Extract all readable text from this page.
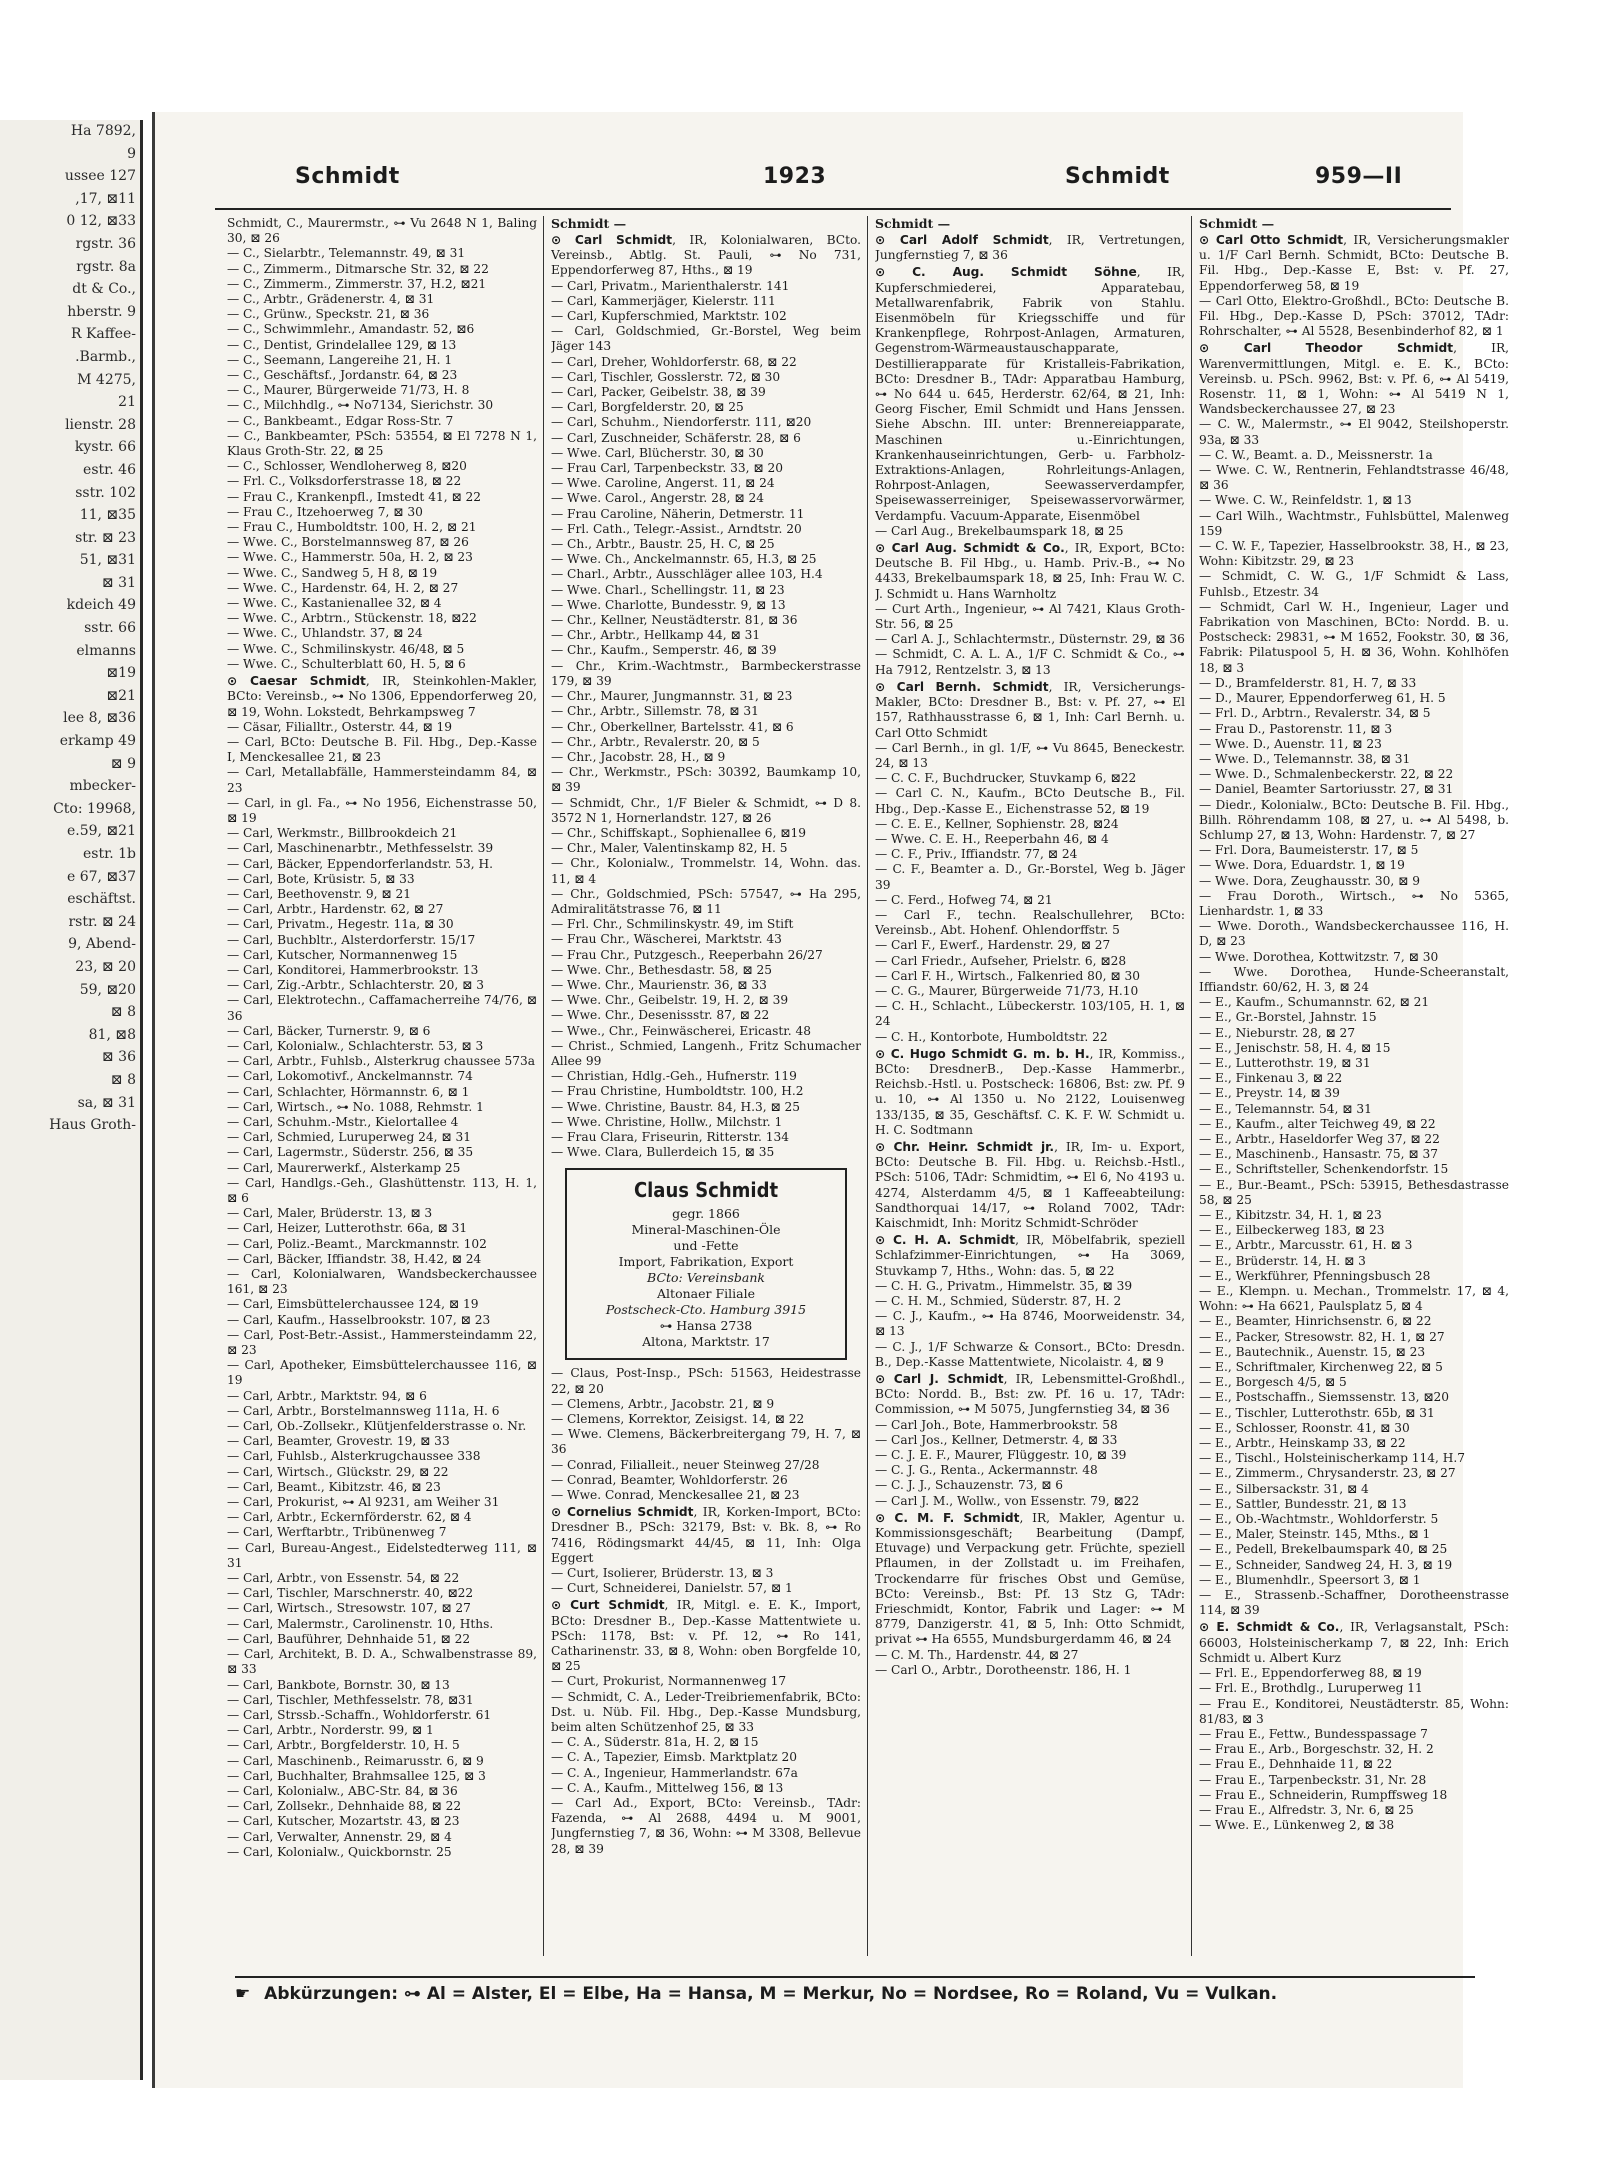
Ha 7892,
9
ussee 127
,17, ⊠11
0 12, ⊠33
rgstr. 36
rgstr. 8a
dt & Co.,
hberstr. 9
R Kaffee-
.Barmb.,
M 4275,
21
lienstr. 28
kystr. 66
estr. 46
sstr. 102
11, ⊠35
str. ⊠ 23
51, ⊠31
⊠ 31
kdeich 49
sstr. 66
elmanns
⊠19
⊠21
lee 8, ⊠36
erkamp 49
⊠ 9
mbecker-
Cto: 19968,
e.59, ⊠21
estr. 1b
e 67, ⊠37
eschäftst.
rstr. ⊠ 24
9, Abend-
23, ⊠ 20
59, ⊠20
⊠ 8
81, ⊠8
⊠ 36
⊠ 8
sa, ⊠ 31
Haus Groth-
Schmidt	1923	Schmidt	959—II

Schmidt, C., Maurermstr., ⊶ Vu 2648 N 1, Baling 30, ⊠ 26

— C., Sielarbtr., Telemannstr. 49, ⊠ 31

— C., Zimmerm., Ditmarsche Str. 32, ⊠ 22

— C., Zimmerm., Zimmerstr. 37, H.2, ⊠21

— C., Arbtr., Grädenerstr. 4, ⊠ 31

— C., Grünw., Speckstr. 21, ⊠ 36

— C., Schwimmlehr., Amandastr. 52, ⊠6

— C., Dentist, Grindelallee 129, ⊠ 13

— C., Seemann, Langereihe 21, H. 1

— C., Geschäftsf., Jordanstr. 64, ⊠ 23

— C., Maurer, Bürgerweide 71/73, H. 8

— C., Milchhdlg., ⊶ No7134, Sierichstr. 30

— C., Bankbeamt., Edgar Ross-Str. 7

— C., Bankbeamter, PSch: 53554, ⊠ El 7278 N 1, Klaus Groth-Str. 22, ⊠ 25

— C., Schlosser, Wendloherweg 8, ⊠20

— Frl. C., Volksdorferstrasse 18, ⊠ 22

— Frau C., Krankenpfl., Imstedt 41, ⊠ 22

— Frau C., Itzehoerweg 7, ⊠ 30

— Frau C., Humboldtstr. 100, H. 2, ⊠ 21

— Wwe. C., Borstelmannsweg 87, ⊠ 26

— Wwe. C., Hammerstr. 50a, H. 2, ⊠ 23

— Wwe. C., Sandweg 5, H 8, ⊠ 19

— Wwe. C., Hardenstr. 64, H. 2, ⊠ 27

— Wwe. C., Kastanienallee 32, ⊠ 4

— Wwe. C., Arbtrn., Stückenstr. 18, ⊠22

— Wwe. C., Uhlandstr. 37, ⊠ 24

— Wwe. C., Schmilinskystr. 46/48, ⊠ 5

— Wwe. C., Schulterblatt 60, H. 5, ⊠ 6

⊙ Caesar Schmidt, IR, Steinkohlen-Makler, BCto: Vereinsb., ⊶ No 1306, Eppendorferweg 20, ⊠ 19, Wohn. Lokstedt, Behrkampsweg 7

— Cäsar, Filialltr., Osterstr. 44, ⊠ 19

— Carl, BCto: Deutsche B. Fil. Hbg., Dep.-Kasse I, Menckesallee 21, ⊠ 23

— Carl, Metallabfälle, Hammersteindamm 84, ⊠ 23

— Carl, in gl. Fa., ⊶ No 1956, Eichenstrasse 50, ⊠ 19

— Carl, Werkmstr., Billbrookdeich 21

— Carl, Maschinenarbtr., Methfesselstr. 39

— Carl, Bäcker, Eppendorferlandstr. 53, H.

— Carl, Bote, Krüsistr. 5, ⊠ 33

— Carl, Beethovenstr. 9, ⊠ 21

— Carl, Arbtr., Hardenstr. 62, ⊠ 27

— Carl, Privatm., Hegestr. 11a, ⊠ 30

— Carl, Buchbltr., Alsterdorferstr. 15/17

— Carl, Kutscher, Normannenweg 15

— Carl, Konditorei, Hammerbrookstr. 13

— Carl, Zig.-Arbtr., Schlachterstr. 20, ⊠ 3

— Carl, Elektrotechn., Caffamacherreihe 74/76, ⊠ 36

— Carl, Bäcker, Turnerstr. 9, ⊠ 6

— Carl, Kolonialw., Schlachterstr. 53, ⊠ 3

— Carl, Arbtr., Fuhlsb., Alsterkrug chaussee 573a

— Carl, Lokomotivf., Anckelmannstr. 74

— Carl, Schlachter, Hörmannstr. 6, ⊠ 1

— Carl, Wirtsch., ⊶ No. 1088, Rehmstr. 1

— Carl, Schuhm.-Mstr., Kielortallee 4

— Carl, Schmied, Luruperweg 24, ⊠ 31

— Carl, Lagermstr., Süderstr. 256, ⊠ 35

— Carl, Maurerwerkf., Alsterkamp 25

— Carl, Handlgs.-Geh., Glashüttenstr. 113, H. 1, ⊠ 6

— Carl, Maler, Brüderstr. 13, ⊠ 3

— Carl, Heizer, Lutterothstr. 66a, ⊠ 31

— Carl, Poliz.-Beamt., Marckmannstr. 102

— Carl, Bäcker, Iffiandstr. 38, H.42, ⊠ 24

— Carl, Kolonialwaren, Wandsbeckerchaussee 161, ⊠ 23

— Carl, Eimsbüttelerchaussee 124, ⊠ 19

— Carl, Kaufm., Hasselbrookstr. 107, ⊠ 23

— Carl, Post-Betr.-Assist., Hammersteindamm 22, ⊠ 23

— Carl, Apotheker, Eimsbüttelerchaussee 116, ⊠ 19

— Carl, Arbtr., Marktstr. 94, ⊠ 6

— Carl, Arbtr., Borstelmannsweg 111a, H. 6

— Carl, Ob.-Zollsekr., Klütjenfelderstrasse o. Nr.

— Carl, Beamter, Grovestr. 19, ⊠ 33

— Carl, Fuhlsb., Alsterkrugchaussee 338

— Carl, Wirtsch., Glückstr. 29, ⊠ 22

— Carl, Beamt., Kibitzstr. 46, ⊠ 23

— Carl, Prokurist, ⊶ Al 9231, am Weiher 31

— Carl, Arbtr., Eckernförderstr. 62, ⊠ 4

— Carl, Werftarbtr., Tribünenweg 7

— Carl, Bureau-Angest., Eidelstedterweg 111, ⊠ 31

— Carl, Arbtr., von Essenstr. 54, ⊠ 22

— Carl, Tischler, Marschnerstr. 40, ⊠22

— Carl, Wirtsch., Stresowstr. 107, ⊠ 27

— Carl, Malermstr., Carolinenstr. 10, Hths.

— Carl, Bauführer, Dehnhaide 51, ⊠ 22

— Carl, Architekt, B. D. A., Schwalbenstrasse 89, ⊠ 33

— Carl, Bankbote, Bornstr. 30, ⊠ 13

— Carl, Tischler, Methfesselstr. 78, ⊠31

— Carl, Strssb.-Schaffn., Wohldorferstr. 61

— Carl, Arbtr., Norderstr. 99, ⊠ 1

— Carl, Arbtr., Borgfelderstr. 10, H. 5

— Carl, Maschinenb., Reimarusstr. 6, ⊠ 9

— Carl, Buchhalter, Brahmsallee 125, ⊠ 3

— Carl, Kolonialw., ABC-Str. 84, ⊠ 36

— Carl, Zollsekr., Dehnhaide 88, ⊠ 22

— Carl, Kutscher, Mozartstr. 43, ⊠ 23

— Carl, Verwalter, Annenstr. 29, ⊠ 4

— Carl, Kolonialw., Quickbornstr. 25

Schmidt —

⊙ Carl Schmidt, IR, Kolonialwaren, BCto. Vereinsb., Abtlg. St. Pauli, ⊶ No 731, Eppendorferweg 87, Hths., ⊠ 19

— Carl, Privatm., Marienthalerstr. 141

— Carl, Kammerjäger, Kielerstr. 111

— Carl, Kupferschmied, Marktstr. 102

— Carl, Goldschmied, Gr.-Borstel, Weg beim Jäger 143

— Carl, Dreher, Wohldorferstr. 68, ⊠ 22

— Carl, Tischler, Gosslerstr. 72, ⊠ 30

— Carl, Packer, Geibelstr. 38, ⊠ 39

— Carl, Borgfelderstr. 20, ⊠ 25

— Carl, Schuhm., Niendorferstr. 111, ⊠20

— Carl, Zuschneider, Schäferstr. 28, ⊠ 6

— Wwe. Carl, Blücherstr. 30, ⊠ 30

— Frau Carl, Tarpenbeckstr. 33, ⊠ 20

— Wwe. Caroline, Angerst. 11, ⊠ 24

— Wwe. Carol., Angerstr. 28, ⊠ 24

— Frau Caroline, Näherin, Detmerstr. 11

— Frl. Cath., Telegr.-Assist., Arndtstr. 20

— Ch., Arbtr., Baustr. 25, H. C, ⊠ 25

— Wwe. Ch., Anckelmannstr. 65, H.3, ⊠ 25

— Charl., Arbtr., Ausschläger allee 103, H.4

— Wwe. Charl., Schellingstr. 11, ⊠ 23

— Wwe. Charlotte, Bundesstr. 9, ⊠ 13

— Chr., Kellner, Neustädterstr. 81, ⊠ 36

— Chr., Arbtr., Hellkamp 44, ⊠ 31

— Chr., Kaufm., Semperstr. 46, ⊠ 39

— Chr., Krim.-Wachtmstr., Barmbeckerstrasse 179, ⊠ 39

— Chr., Maurer, Jungmannstr. 31, ⊠ 23

— Chr., Arbtr., Sillemstr. 78, ⊠ 31

— Chr., Oberkellner, Bartelsstr. 41, ⊠ 6

— Chr., Arbtr., Revalerstr. 20, ⊠ 5

— Chr., Jacobstr. 28, H., ⊠ 9

— Chr., Werkmstr., PSch: 30392, Baumkamp 10, ⊠ 39

— Schmidt, Chr., 1/F Bieler & Schmidt, ⊶ D 8. 3572 N 1, Hornerlandstr. 127, ⊠ 26

— Chr., Schiffskapt., Sophienallee 6, ⊠19

— Chr., Maler, Valentinskamp 82, H. 5

— Chr., Kolonialw., Trommelstr. 14, Wohn. das. 11, ⊠ 4

— Chr., Goldschmied, PSch: 57547, ⊶ Ha 295, Admiralitätstrasse 76, ⊠ 11

— Frl. Chr., Schmilinskystr. 49, im Stift

— Frau Chr., Wäscherei, Marktstr. 43

— Frau Chr., Putzgesch., Reeperbahn 26/27

— Wwe. Chr., Bethesdastr. 58, ⊠ 25

— Wwe. Chr., Maurienstr. 36, ⊠ 33

— Wwe. Chr., Geibelstr. 19, H. 2, ⊠ 39

— Wwe. Chr., Desenissstr. 87, ⊠ 22

— Wwe., Chr., Feinwäscherei, Ericastr. 48

— Christ., Schmied, Langenh., Fritz Schumacher Allee 99

— Christian, Hdlg.-Geh., Hufnerstr. 119

— Frau Christine, Humboldtstr. 100, H.2

— Wwe. Christine, Baustr. 84, H.3, ⊠ 25

— Wwe. Christine, Hollw., Milchstr. 1

— Frau Clara, Friseurin, Ritterstr. 134

— Wwe. Clara, Bullerdeich 15, ⊠ 35

Claus Schmidt
gegr. 1866
Mineral-Maschinen-Öle
und -Fette
Import, Fabrikation, Export
BCto: Vereinsbank
Altonaer Filiale
Postscheck-Cto. Hamburg 3915
⊶ Hansa 2738
Altona, Marktstr. 17

— Claus, Post-Insp., PSch: 51563, Heidestrasse 22, ⊠ 20

— Clemens, Arbtr., Jacobstr. 21, ⊠ 9

— Clemens, Korrektor, Zeisigst. 14, ⊠ 22

— Wwe. Clemens, Bäckerbreitergang 79, H. 7, ⊠ 36

— Conrad, Filialleit., neuer Steinweg 27/28

— Conrad, Beamter, Wohldorferstr. 26

— Wwe. Conrad, Menckesallee 21, ⊠ 23

⊙ Cornelius Schmidt, IR, Korken-Import, BCto: Dresdner B., PSch: 32179, Bst: v. Bk. 8, ⊶ Ro 7416, Rödingsmarkt 44/45, ⊠ 11, Inh: Olga Eggert

— Curt, Isolierer, Brüderstr. 13, ⊠ 3

— Curt, Schneiderei, Danielstr. 57, ⊠ 1

⊙ Curt Schmidt, IR, Mitgl. e. E. K., Import, BCto: Dresdner B., Dep.-Kasse Mattentwiete u. PSch: 1178, Bst: v. Pf. 12, ⊶ Ro 141, Catharinenstr. 33, ⊠ 8, Wohn: oben Borgfelde 10, ⊠ 25

— Curt, Prokurist, Normannenweg 17

— Schmidt, C. A., Leder-Treibriemenfabrik, BCto: Dst. u. Nüb. Fil. Hbg., Dep.-Kasse Mundsburg, beim alten Schützenhof 25, ⊠ 33

— C. A., Süderstr. 81a, H. 2, ⊠ 15

— C. A., Tapezier, Eimsb. Marktplatz 20

— C. A., Ingenieur, Hammerlandstr. 67a

— C. A., Kaufm., Mittelweg 156, ⊠ 13

— Carl Ad., Export, BCto: Vereinsb., TAdr: Fazenda, ⊶ Al 2688, 4494 u. M 9001, Jungfernstieg 7, ⊠ 36, Wohn: ⊶ M 3308, Bellevue 28, ⊠ 39

Schmidt —

⊙ Carl Adolf Schmidt, IR, Vertretungen, Jungfernstieg 7, ⊠ 36

⊙ C. Aug. Schmidt Söhne, IR, Kupferschmiederei, Apparatebau, Metallwarenfabrik, Fabrik von Stahlu. Eisenmöbeln für Kriegsschiffe und für Krankenpflege, Rohrpost-Anlagen, Armaturen, Gegenstrom-Wärmeaustauschapparate, Destillierapparate für Kristalleis-Fabrikation, BCto: Dresdner B., TAdr: Apparatbau Hamburg, ⊶ No 644 u. 645, Herderstr. 62/64, ⊠ 21, Inh: Georg Fischer, Emil Schmidt und Hans Jenssen. Siehe Abschn. III. unter: Brennereiapparate, Maschinen u.-Einrichtungen, Krankenhauseinrichtungen, Gerb- u. Farbholz-Extraktions-Anlagen, Rohrleitungs-Anlagen, Rohrpost-Anlagen, Seewasserverdampfer, Speisewasserreiniger, Speisewasservorwärmer, Verdampfu. Vacuum-Apparate, Eisenmöbel

— Carl Aug., Brekelbaumspark 18, ⊠ 25

⊙ Carl Aug. Schmidt & Co., IR, Export, BCto: Deutsche B. Fil Hbg., u. Hamb. Priv.-B., ⊶ No 4433, Brekelbaumspark 18, ⊠ 25, Inh: Frau W. C. J. Schmidt u. Hans Warnholtz

— Curt Arth., Ingenieur, ⊶ Al 7421, Klaus Groth-Str. 56, ⊠ 25

— Carl A. J., Schlachtermstr., Düsternstr. 29, ⊠ 36

— Schmidt, C. A. L. A., 1/F C. Schmidt & Co., ⊶ Ha 7912, Rentzelstr. 3, ⊠ 13

⊙ Carl Bernh. Schmidt, IR, Versicherungs-Makler, BCto: Dresdner B., Bst: v. Pf. 27, ⊶ El 157, Rathhausstrasse 6, ⊠ 1, Inh: Carl Bernh. u. Carl Otto Schmidt

— Carl Bernh., in gl. 1/F, ⊶ Vu 8645, Beneckestr. 24, ⊠ 13

— C. C. F., Buchdrucker, Stuvkamp 6, ⊠22

— Carl C. N., Kaufm., BCto Deutsche B., Fil. Hbg., Dep.-Kasse E., Eichenstrasse 52, ⊠ 19

— C. E. E., Kellner, Sophienstr. 28, ⊠24

— Wwe. C. E. H., Reeperbahn 46, ⊠ 4

— C. F., Priv., Iffiandstr. 77, ⊠ 24

— C. F., Beamter a. D., Gr.-Borstel, Weg b. Jäger 39

— C. Ferd., Hofweg 74, ⊠ 21

— Carl F., techn. Realschullehrer, BCto: Vereinsb., Abt. Hohenf. Ohlendorffstr. 5

— Carl F., Ewerf., Hardenstr. 29, ⊠ 27

— Carl Friedr., Aufseher, Prielstr. 6, ⊠28

— Carl F. H., Wirtsch., Falkenried 80, ⊠ 30

— C. G., Maurer, Bürgerweide 71/73, H.10

— C. H., Schlacht., Lübeckerstr. 103/105, H. 1, ⊠ 24

— C. H., Kontorbote, Humboldtstr. 22

⊙ C. Hugo Schmidt G. m. b. H., IR, Kommiss., BCto: DresdnerB., Dep.-Kasse Hammerbr., Reichsb.-Hstl. u. Postscheck: 16806, Bst: zw. Pf. 9 u. 10, ⊶ Al 1350 u. No 2122, Louisenweg 133/135, ⊠ 35, Geschäftsf. C. K. F. W. Schmidt u. H. C. Sodtmann

⊙ Chr. Heinr. Schmidt jr., IR, Im- u. Export, BCto: Deutsche B. Fil. Hbg. u. Reichsb.-Hstl., PSch: 5106, TAdr: Schmidtim, ⊶ El 6, No 4193 u. 4274, Alsterdamm 4/5, ⊠ 1 Kaffeeabteilung: Sandthorquai 14/17, ⊶ Roland 7002, TAdr: Kaischmidt, Inh: Moritz Schmidt-Schröder

⊙ C. H. A. Schmidt, IR, Möbelfabrik, speziell Schlafzimmer-Einrichtungen, ⊶ Ha 3069, Stuvkamp 7, Hths., Wohn: das. 5, ⊠ 22

— C. H. G., Privatm., Himmelstr. 35, ⊠ 39

— C. H. M., Schmied, Süderstr. 87, H. 2

— C. J., Kaufm., ⊶ Ha 8746, Moorweidenstr. 34, ⊠ 13

— C. J., 1/F Schwarze & Consort., BCto: Dresdn. B., Dep.-Kasse Mattentwiete, Nicolaistr. 4, ⊠ 9

⊙ Carl J. Schmidt, IR, Lebensmittel-Großhdl., BCto: Nordd. B., Bst: zw. Pf. 16 u. 17, TAdr: Commission, ⊶ M 5075, Jungfernstieg 34, ⊠ 36

— Carl Joh., Bote, Hammerbrookstr. 58

— Carl Jos., Kellner, Detmerstr. 4, ⊠ 33

— C. J. E. F., Maurer, Flüggestr. 10, ⊠ 39

— C. J. G., Renta., Ackermannstr. 48

— C. J. J., Schauzenstr. 73, ⊠ 6

— Carl J. M., Wollw., von Essenstr. 79, ⊠22

⊙ C. M. F. Schmidt, IR, Makler, Agentur u. Kommissionsgeschäft; Bearbeitung (Dampf, Etuvage) und Verpackung getr. Früchte, speziell Pflaumen, in der Zollstadt u. im Freihafen, Trockendarre für frisches Obst und Gemüse, BCto: Vereinsb., Bst: Pf. 13 Stz G, TAdr: Frieschmidt, Kontor, Fabrik und Lager: ⊶ M 8779, Danzigerstr. 41, ⊠ 5, Inh: Otto Schmidt, privat ⊶ Ha 6555, Mundsburgerdamm 46, ⊠ 24

— C. M. Th., Hardenstr. 44, ⊠ 27

— Carl O., Arbtr., Dorotheenstr. 186, H. 1

Schmidt —

⊙ Carl Otto Schmidt, IR, Versicherungsmakler u. 1/F Carl Bernh. Schmidt, BCto: Deutsche B. Fil. Hbg., Dep.-Kasse E, Bst: v. Pf. 27, Eppendorferweg 58, ⊠ 19

— Carl Otto, Elektro-Großhdl., BCto: Deutsche B. Fil. Hbg., Dep.-Kasse D, PSch: 37012, TAdr: Rohrschalter, ⊶ Al 5528, Besenbinderhof 82, ⊠ 1

⊙ Carl Theodor Schmidt, IR, Warenvermittlungen, Mitgl. e. E. K., BCto: Vereinsb. u. PSch. 9962, Bst: v. Pf. 6, ⊶ Al 5419, Rosenstr. 11, ⊠ 1, Wohn: ⊶ Al 5419 N 1, Wandsbeckerchaussee 27, ⊠ 23

— C. W., Malermstr., ⊶ El 9042, Steilshoperstr. 93a, ⊠ 33

— C. W., Beamt. a. D., Meissnerstr. 1a

— Wwe. C. W., Rentnerin, Fehlandtstrasse 46/48, ⊠ 36

— Wwe. C. W., Reinfeldstr. 1, ⊠ 13

— Carl Wilh., Wachtmstr., Fuhlsbüttel, Malenweg 159

— C. W. F., Tapezier, Hasselbrookstr. 38, H., ⊠ 23, Wohn: Kibitzstr. 29, ⊠ 23

— Schmidt, C. W. G., 1/F Schmidt & Lass, Fuhlsb., Etzestr. 34

— Schmidt, Carl W. H., Ingenieur, Lager und Fabrikation von Maschinen, BCto: Nordd. B. u. Postscheck: 29831, ⊶ M 1652, Fookstr. 30, ⊠ 36, Fabrik: Pilatuspool 5, H. ⊠ 36, Wohn. Kohlhöfen 18, ⊠ 3

— D., Bramfelderstr. 81, H. 7, ⊠ 33

— D., Maurer, Eppendorferweg 61, H. 5

— Frl. D., Arbtrn., Revalerstr. 34, ⊠ 5

— Frau D., Pastorenstr. 11, ⊠ 3

— Wwe. D., Auenstr. 11, ⊠ 23

— Wwe. D., Telemannstr. 38, ⊠ 31

— Wwe. D., Schmalenbeckerstr. 22, ⊠ 22

— Daniel, Beamter Sartoriusstr. 27, ⊠ 31

— Diedr., Kolonialw., BCto: Deutsche B. Fil. Hbg., Billh. Röhrendamm 108, ⊠ 27, u. ⊶ Al 5498, b. Schlump 27, ⊠ 13, Wohn: Hardenstr. 7, ⊠ 27

— Frl. Dora, Baumeisterstr. 17, ⊠ 5

— Wwe. Dora, Eduardstr. 1, ⊠ 19

— Wwe. Dora, Zeughausstr. 30, ⊠ 9

— Frau Doroth., Wirtsch., ⊶ No 5365, Lienhardstr. 1, ⊠ 33

— Wwe. Doroth., Wandsbeckerchaussee 116, H. D, ⊠ 23

— Wwe. Dorothea, Kottwitzstr. 7, ⊠ 30

— Wwe. Dorothea, Hunde-Scheeranstalt, Iffiandstr. 60/62, H. 3, ⊠ 24

— E., Kaufm., Schumannstr. 62, ⊠ 21

— E., Gr.-Borstel, Jahnstr. 15

— E., Nieburstr. 28, ⊠ 27

— E., Jenischstr. 58, H. 4, ⊠ 15

— E., Lutterothstr. 19, ⊠ 31

— E., Finkenau 3, ⊠ 22

— E., Preystr. 14, ⊠ 39

— E., Telemannstr. 54, ⊠ 31

— E., Kaufm., alter Teichweg 49, ⊠ 22

— E., Arbtr., Haseldorfer Weg 37, ⊠ 22

— E., Maschinenb., Hansastr. 75, ⊠ 37

— E., Schriftsteller, Schenkendorfstr. 15

— E., Bur.-Beamt., PSch: 53915, Bethesdastrasse 58, ⊠ 25

— E., Kibitzstr. 34, H. 1, ⊠ 23

— E., Eilbeckerweg 183, ⊠ 23

— E., Arbtr., Marcusstr. 61, H. ⊠ 3

— E., Brüderstr. 14, H. ⊠ 3

— E., Werkführer, Pfenningsbusch 28

— E., Klempn. u. Mechan., Trommelstr. 17, ⊠ 4, Wohn: ⊶ Ha 6621, Paulsplatz 5, ⊠ 4

— E., Beamter, Hinrichsenstr. 6, ⊠ 22

— E., Packer, Stresowstr. 82, H. 1, ⊠ 27

— E., Bautechnik., Auenstr. 15, ⊠ 23

— E., Schriftmaler, Kirchenweg 22, ⊠ 5

— E., Borgesch 4/5, ⊠ 5

— E., Postschaffn., Siemssenstr. 13, ⊠20

— E., Tischler, Lutterothstr. 65b, ⊠ 31

— E., Schlosser, Roonstr. 41, ⊠ 30

— E., Arbtr., Heinskamp 33, ⊠ 22

— E., Tischl., Holsteinischerkamp 114, H.7

— E., Zimmerm., Chrysanderstr. 23, ⊠ 27

— E., Silbersackstr. 31, ⊠ 4

— E., Sattler, Bundesstr. 21, ⊠ 13

— E., Ob.-Wachtmstr., Wohldorferstr. 5

— E., Maler, Steinstr. 145, Mths., ⊠ 1

— E., Pedell, Brekelbaumspark 40, ⊠ 25

— E., Schneider, Sandweg 24, H. 3, ⊠ 19

— E., Blumenhdlr., Speersort 3, ⊠ 1

— E., Strassenb.-Schaffner, Dorotheenstrasse 114, ⊠ 39

⊙ E. Schmidt & Co., IR, Verlagsanstalt, PSch: 66003, Holsteinischerkamp 7, ⊠ 22, Inh: Erich Schmidt u. Albert Kurz

— Frl. E., Eppendorferweg 88, ⊠ 19

— Frl. E., Brothdlg., Luruperweg 11

— Frau E., Konditorei, Neustädterstr. 85, Wohn: 81/83, ⊠ 3

— Frau E., Fettw., Bundesspassage 7

— Frau E., Arb., Borgeschstr. 32, H. 2

— Frau E., Dehnhaide 11, ⊠ 22

— Frau E., Tarpenbeckstr. 31, Nr. 28

— Frau E., Schneiderin, Rumpffsweg 18

— Frau E., Alfredstr. 3, Nr. 6, ⊠ 25

— Wwe. E., Lünkenweg 2, ⊠ 38

☛ Abkürzungen: ⊶ Al = Alster, El = Elbe, Ha = Hansa, M = Merkur, No = Nordsee, Ro = Roland, Vu = Vulkan.
